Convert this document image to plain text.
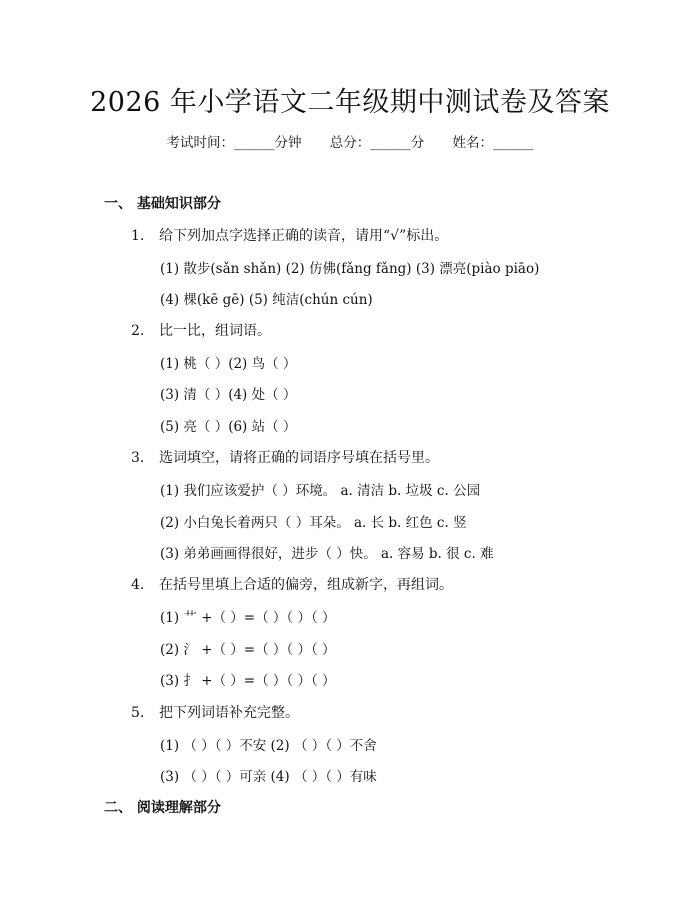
2026 年小学语文二年级期中测试卷及答案
考试时间：______分钟 总分：______分 姓名：______
一、 基础知识部分
1. 给下列加点字选择正确的读音，请用“√”标出。
(1) 散步(sǎn shǎn) (2) 仿佛(fǎng fǎng) (3) 漂亮(piào piāo)
(4) 棵(kē gē) (5) 纯洁(chún cún)
2. 比一比，组词语。
(1) 桃（ ）(2) 鸟（ ）
(3) 清（ ）(4) 处（ ）
(5) 亮（ ）(6) 站（ ）
3. 选词填空，请将正确的词语序号填在括号里。
(1) 我们应该爱护（ ）环境。 a. 清洁 b. 垃圾 c. 公园
(2) 小白兔长着两只（ ）耳朵。 a. 长 b. 红色 c. 竖
(3) 弟弟画画得很好，进步（ ）快。 a. 容易 b. 很 c. 难
4. 在括号里填上合适的偏旁，组成新字，再组词。
(1) 艹 +（ ）=（ ）（ ）（ ）
(2) 氵 +（ ）=（ ）（ ）（ ）
(3) 扌 +（ ）=（ ）（ ）（ ）
5. 把下列词语补充完整。
(1) （ ）（ ）不安 (2) （ ）（ ）不舍
(3) （ ）（ ）可亲 (4) （ ）（ ）有味
二、 阅读理解部分
